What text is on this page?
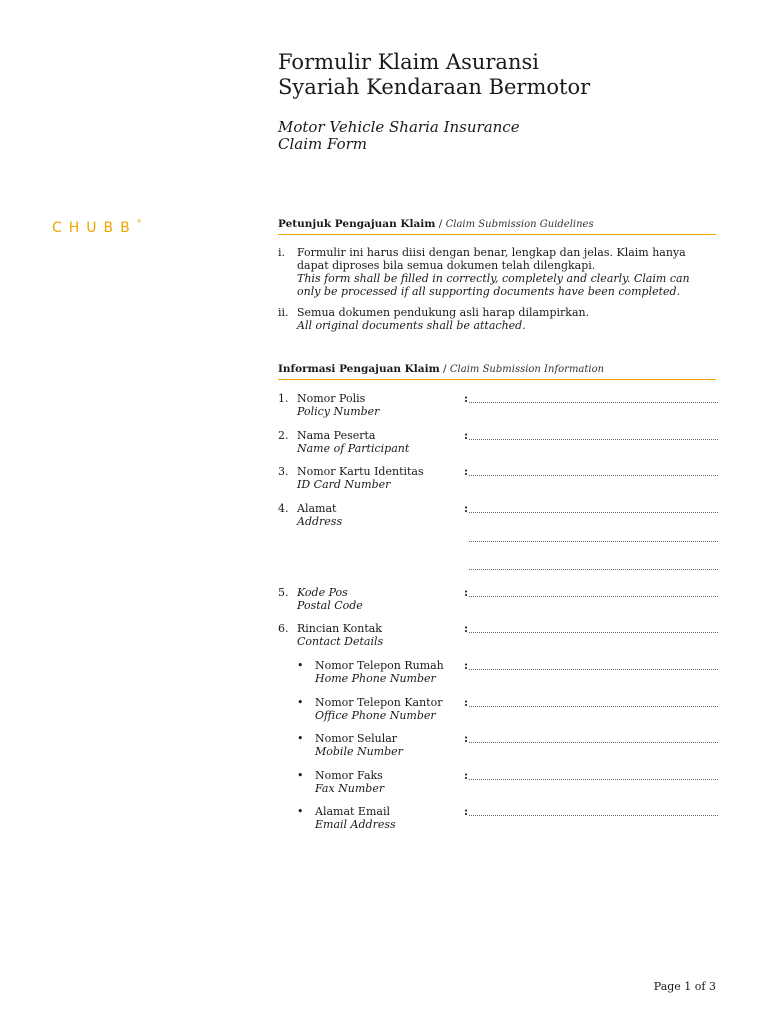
Formulir Klaim Asuransi
Syariah Kendaraan Bermotor
Motor Vehicle Sharia Insurance
Claim Form
CHUBB®	Petunjuk Pengajuan Klaim / Claim Submission Guidelines
i. Formulir ini harus diisi dengan benar, lengkap dan jelas. Klaim hanya dapat diproses bila semua dokumen telah dilengkapi.
This form shall be filled in correctly, completely and clearly. Claim can only be processed if all supporting documents have been completed.
ii. Semua dokumen pendukung asli harap dilampirkan.
All original documents shall be attached.
Informasi Pengajuan Klaim / Claim Submission Information
1. Nomor Polis
Policy Number
:
2. Nama Peserta
Name of Participant
:
3. Nomor Kartu Identitas
ID Card Number
:
4. Alamat
Address
:
5. Kode Pos
Postal Code
:
6. Rincian Kontak
Contact Details
:
• Nomor Telepon Rumah
Home Phone Number
:
• Nomor Telepon Kantor
Office Phone Number
:
• Nomor Selular
Mobile Number
:
• Nomor Faks
Fax Number
:
• Alamat Email
Email Address
:
Page 1 of 3
